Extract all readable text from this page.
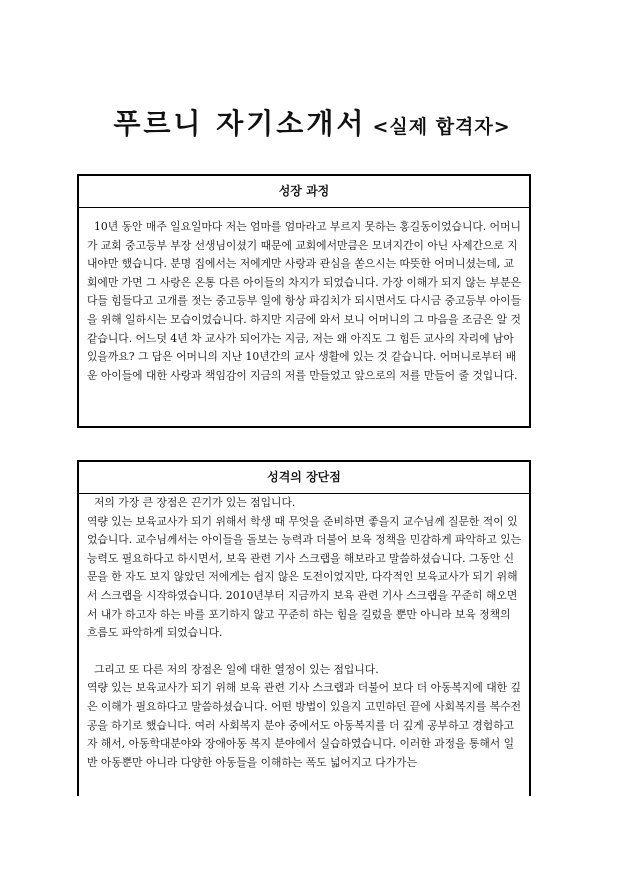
푸르니 자기소개서 <실제 합격자>
성장 과정

10년 동안 매주 일요일마다 저는 엄마를 엄마라고 부르지 못하는 홍길동이었습니다. 어머니가 교회 중고등부 부장 선생님이셨기 때문에 교회에서만큼은 모녀지간이 아닌 사제간으로 지내야만 했습니다. 분명 집에서는 저에게만 사랑과 관심을 쏟으시는 따뜻한 어머니셨는데, 교회에만 가면 그 사랑은 온통 다른 아이들의 차지가 되었습니다. 가장 이해가 되지 않는 부분은 다들 힘들다고 고개를 젓는 중고등부 일에 항상 파김치가 되시면서도 다시금 중고등부 아이들을 위해 일하시는 모습이었습니다. 하지만 지금에 와서 보니 어머니의 그 마음을 조금은 알 것 같습니다. 어느덧 4년 차 교사가 되어가는 지금, 저는 왜 아직도 그 힘든 교사의 자리에 남아 있을까요? 그 답은 어머니의 지난 10년간의 교사 생활에 있는 것 같습니다. 어머니로부터 배운 아이들에 대한 사랑과 책임감이 지금의 저를 만들었고 앞으로의 저를 만들어 줄 것입니다.

성격의 장단점

저의 가장 큰 장점은 끈기가 있는 점입니다.

역량 있는 보육교사가 되기 위해서 학생 때 무엇을 준비하면 좋을지 교수님께 질문한 적이 있었습니다. 교수님께서는 아이들을 돌보는 능력과 더불어 보육 정책을 민감하게 파악하고 있는 능력도 필요하다고 하시면서, 보육 관련 기사 스크랩을 해보라고 말씀하셨습니다. 그동안 신문을 한 자도 보지 않았던 저에게는 쉽지 않은 도전이었지만, 다각적인 보육교사가 되기 위해서 스크랩을 시작하였습니다. 2010년부터 지금까지 보육 관련 기사 스크랩을 꾸준히 해오면서 내가 하고자 하는 바를 포기하지 않고 꾸준히 하는 힘을 길렀을 뿐만 아니라 보육 정책의 흐름도 파악하게 되었습니다.

그리고 또 다른 저의 장점은 일에 대한 열정이 있는 점입니다.

역량 있는 보육교사가 되기 위해 보육 관련 기사 스크랩과 더불어 보다 더 아동복지에 대한 깊은 이해가 필요하다고 말씀하셨습니다. 어떤 방법이 있을지 고민하던 끝에 사회복지를 복수전공을 하기로 했습니다. 여러 사회복지 분야 중에서도 아동복지를 더 깊게 공부하고 경험하고자 해서, 아동학대분야와 장애아동 복지 분야에서 실습하였습니다. 이러한 과정을 통해서 일반 아동뿐만 아니라 다양한 아동들을 이해하는 폭도 넓어지고 다가가는
